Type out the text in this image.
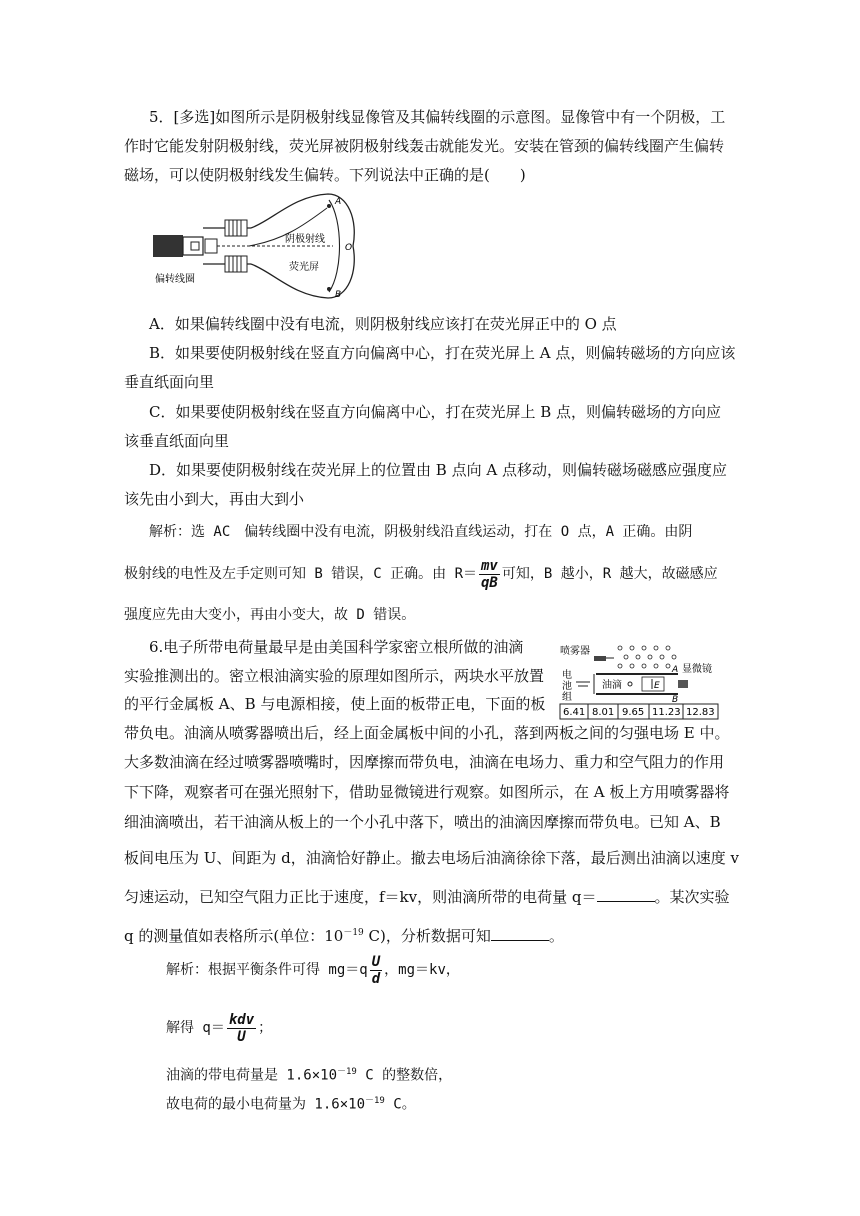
5．[多选]如图所示是阴极射线显像管及其偏转线圈的示意图。显像管中有一个阴极，工
作时它能发射阴极射线，荧光屏被阴极射线轰击就能发光。安装在管颈的偏转线圈产生偏转
磁场，可以使阴极射线发生偏转。下列说法中正确的是(　　)
A
O
B
阴极射线
荧光屏
偏转线圈
A．如果偏转线圈中没有电流，则阴极射线应该打在荧光屏正中的 O 点
B．如果要使阴极射线在竖直方向偏离中心，打在荧光屏上 A 点，则偏转磁场的方向应该
垂直纸面向里
C．如果要使阴极射线在竖直方向偏离中心，打在荧光屏上 B 点，则偏转磁场的方向应
该垂直纸面向里
D．如果要使阴极射线在荧光屏上的位置由 B 点向 A 点移动，则偏转磁场磁感应强度应
该先由小到大，再由大到小
解析：选 AC　偏转线圈中没有电流，阴极射线沿直线运动，打在 O 点，A 正确。由阴
极射线的电性及左手定则可知 B 错误，C 正确。由 $R= \frac{mv}{qB}$ 可知，B 越小，R 越大，故磁感应
强度应先由大变小，再由小变大，故 D 错误。
6.电子所带电荷量最早是由美国科学家密立根所做的油滴
实验推测出的。密立根油滴实验的原理如图所示，两块水平放置
的平行金属板 A、B 与电源相接，使上面的板带正电，下面的板
喷雾器
电
池
组
油滴	E
A
B
显微镜
6.41 8.01 9.65 11.23 12.83
带负电。油滴从喷雾器喷出后，经上面金属板中间的小孔，落到两板之间的匀强电场 E 中。
大多数油滴在经过喷雾器喷嘴时，因摩擦而带负电，油滴在电场力、重力和空气阻力的作用
下下降，观察者可在强光照射下，借助显微镜进行观察。如图所示，在 A 板上方用喷雾器将
细油滴喷出，若干油滴从板上的一个小孔中落下，喷出的油滴因摩擦而带负电。已知 A、B
板间电压为 U、间距为 d，油滴恰好静止。撤去电场后油滴徐徐下落，最后测出油滴以速度 v
匀速运动，已知空气阻力正比于速度，f＝kv，则油滴所带的电荷量 q＝	。某次实验
q 的测量值如表格所示(单位：$10^{-19}$ C)，分析数据可知	。
解析：根据平衡条件可得 $mg=q \frac{U}{d}$ ，mg＝kv，
解得 $q= \frac{\text{kdv}}{U}$ ；
油滴的带电荷量是 $1.6\times 10^{-19}$ C 的整数倍，
故电荷的最小电荷量为 $1.6\times 10^{-19}$ C。
